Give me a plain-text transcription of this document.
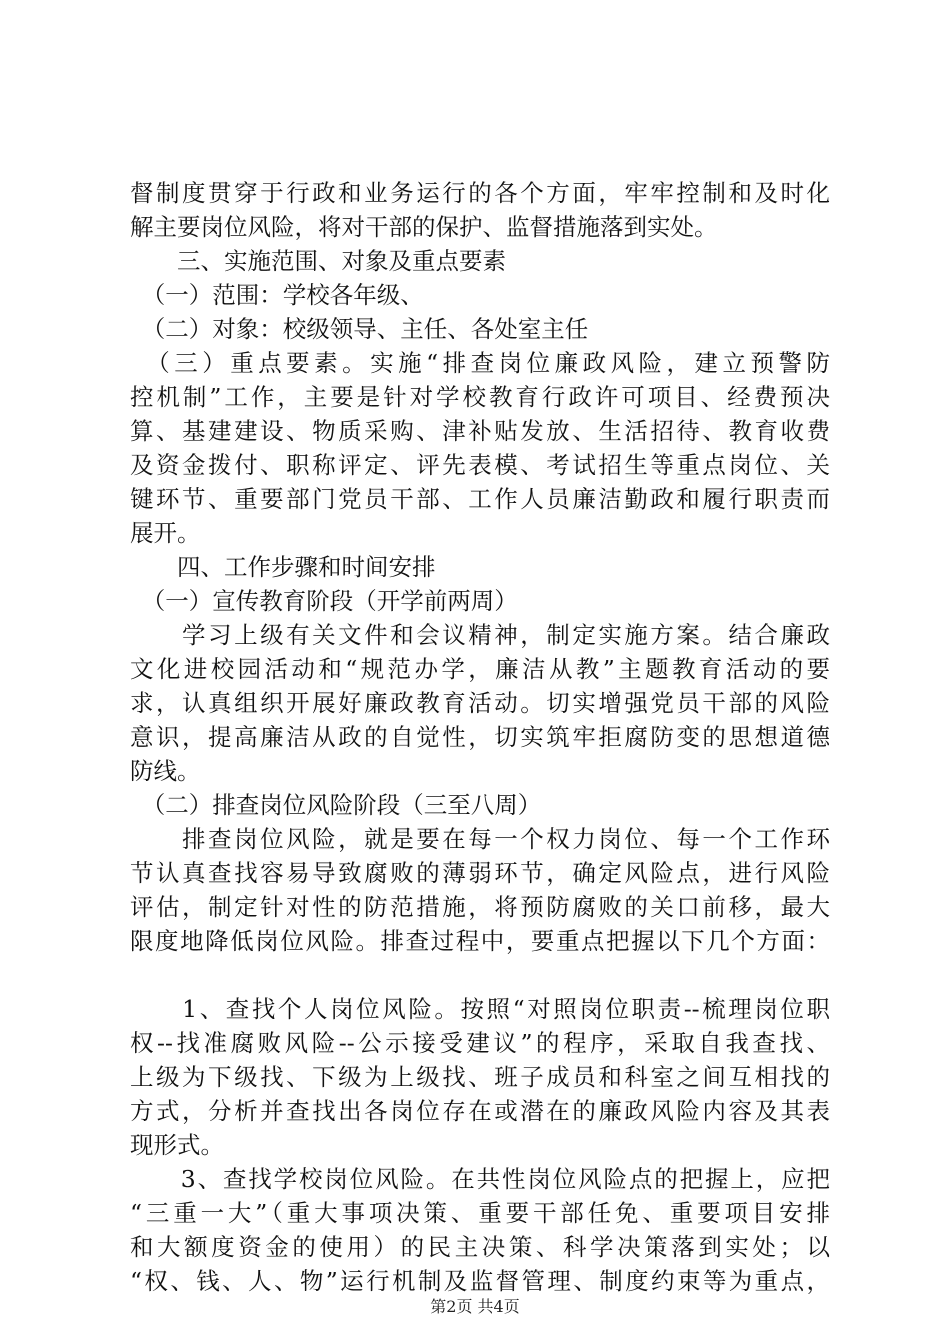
督制度贯穿于行政和业务运行的各个方面，牢牢控制和及时化
解主要岗位风险，将对干部的保护、监督措施落到实处。
　　三、实施范围、对象及重点要素
　（一）范围：学校各年级、
　（二）对象：校级领导、主任、各处室主任
　（三）重点要素。实施“排查岗位廉政风险，建立预警防
控机制”工作，主要是针对学校教育行政许可项目、经费预决
算、基建建设、物质采购、津补贴发放、生活招待、教育收费
及资金拨付、职称评定、评先表模、考试招生等重点岗位、关
键环节、重要部门党员干部、工作人员廉洁勤政和履行职责而
展开。
　　四、工作步骤和时间安排
　（一）宣传教育阶段（开学前两周）
　　学习上级有关文件和会议精神，制定实施方案。结合廉政
文化进校园活动和“规范办学，廉洁从教”主题教育活动的要
求，认真组织开展好廉政教育活动。切实增强党员干部的风险
意识，提高廉洁从政的自觉性，切实筑牢拒腐防变的思想道德
防线。
　（二）排查岗位风险阶段（三至八周）
　　排查岗位风险，就是要在每一个权力岗位、每一个工作环
节认真查找容易导致腐败的薄弱环节，确定风险点，进行风险
评估，制定针对性的防范措施，将预防腐败的关口前移，最大
限度地降低岗位风险。排查过程中，要重点把握以下几个方面：
　　1、查找个人岗位风险。按照“对照岗位职责--梳理岗位职
权--找准腐败风险--公示接受建议”的程序，采取自我查找、
上级为下级找、下级为上级找、班子成员和科室之间互相找的
方式，分析并查找出各岗位存在或潜在的廉政风险内容及其表
现形式。
　　3、查找学校岗位风险。在共性岗位风险点的把握上，应把
“三重一大”（重大事项决策、重要干部任免、重要项目安排
和大额度资金的使用）的民主决策、科学决策落到实处；以
“权、钱、人、物”运行机制及监督管理、制度约束等为重点，
第2页 共4页
